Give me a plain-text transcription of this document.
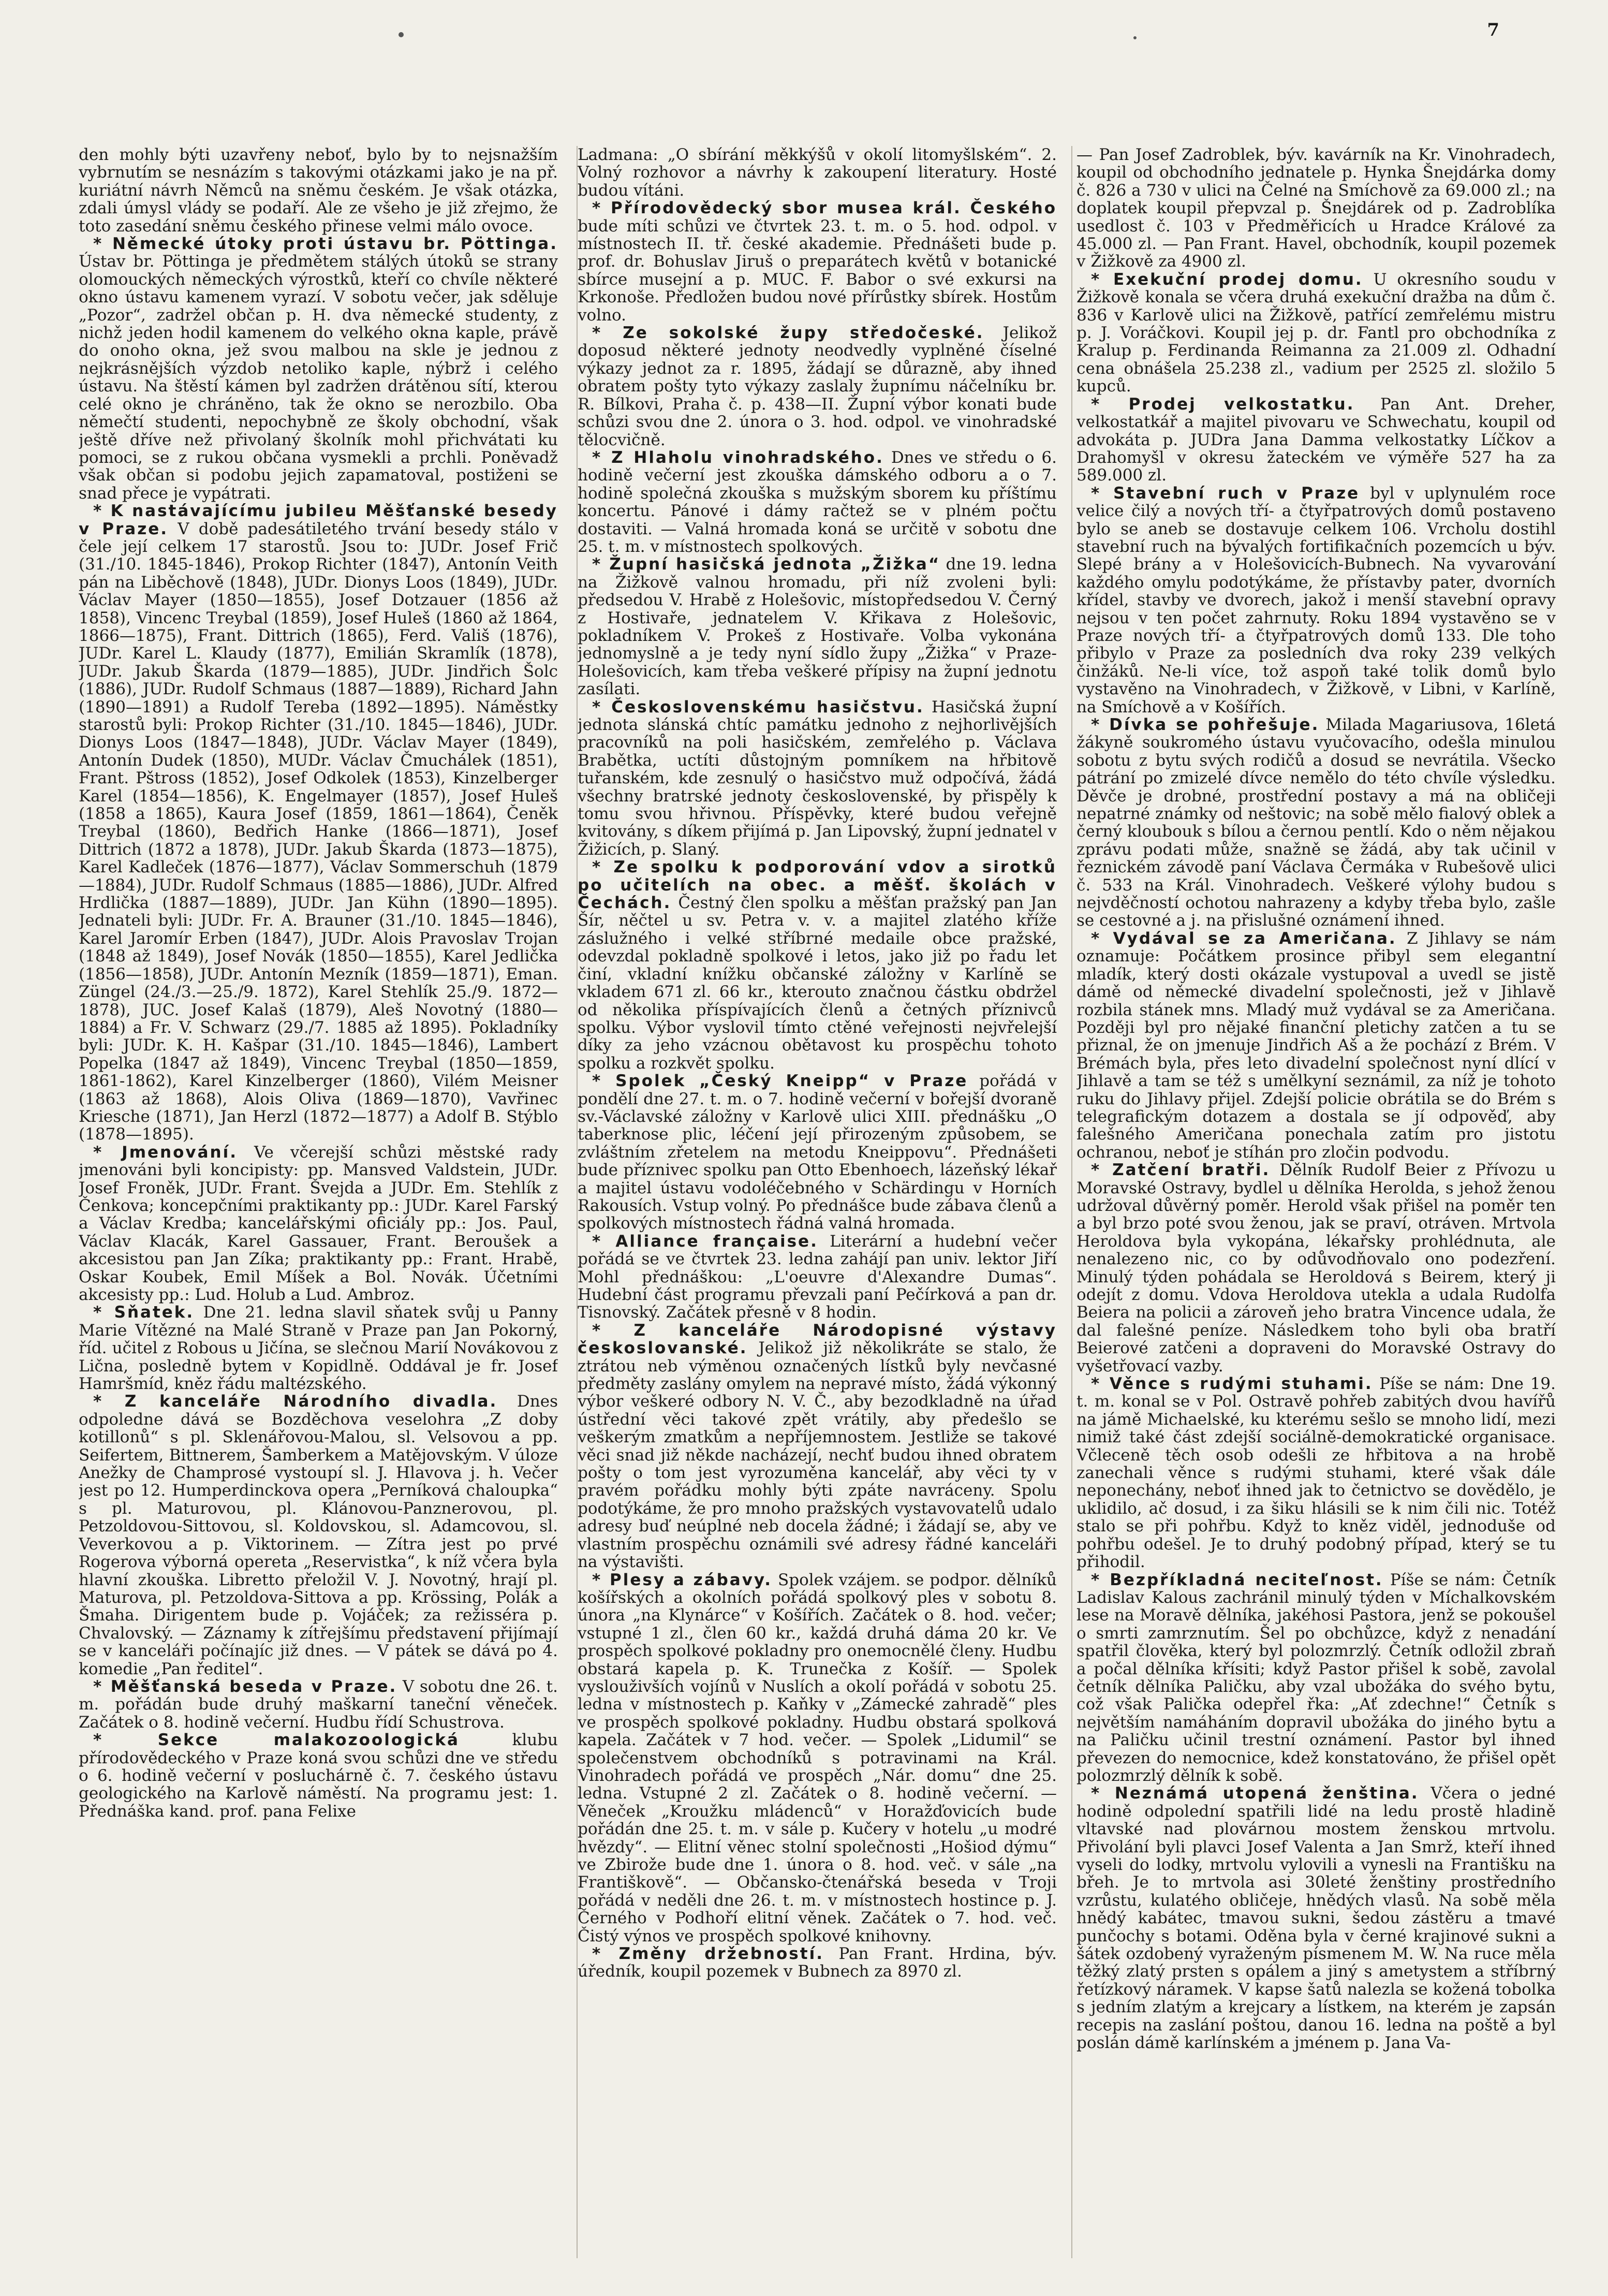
7

den mohly býti uzavřeny neboť, bylo by to nejsnažším vybrnutím se nesnázím s takovými otázkami jako je na př. kuriátní návrh Němců na sněmu českém. Je však otázka, zdali úmysl vlády se podaří. Ale ze všeho je již zřejmo, že toto zasedání sněmu českého přinese velmi málo ovoce.

* Německé útoky proti ústavu br. Pöttinga. Ústav br. Pöttinga je předmětem stálých útoků se strany olomouckých německých výrostků, kteří co chvíle některé okno ústavu kamenem vyrazí. V sobotu večer, jak sděluje „Pozor“, zadržel občan p. H. dva německé studenty, z nichž jeden hodil kamenem do velkého okna kaple, právě do onoho okna, jež svou malbou na skle je jednou z nejkrásnějších výzdob netoliko kaple, nýbrž i celého ústavu. Na štěstí kámen byl zadržen drátěnou sítí, kterou celé okno je chráněno, tak že okno se nerozbilo. Oba němečtí studenti, nepochybně ze školy obchodní, však ještě dříve než přivolaný školník mohl přichvátati ku pomoci, se z rukou občana vysmekli a prchli. Poněvadž však občan si podobu jejich zapamatoval, postiženi se snad přece je vypátrati.

* K nastávajícímu jubileu Měšťanské besedy v Praze. V době padesátiletého trvání besedy stálo v čele její celkem 17 starostů. Jsou to: JUDr. Josef Frič (31./10. 1845-1846), Prokop Richter (1847), Antonín Veith pán na Liběchově (1848), JUDr. Dionys Loos (1849), JUDr. Václav Mayer (1850—1855), Josef Dotzauer (1856 až 1858), Vincenc Treybal (1859), Josef Huleš (1860 až 1864, 1866—1875), Frant. Dittrich (1865), Ferd. Vališ (1876), JUDr. Karel L. Klaudy (1877), Emilián Skramlík (1878), JUDr. Jakub Škarda (1879—1885), JUDr. Jindřich Šolc (1886), JUDr. Rudolf Schmaus (1887—1889), Richard Jahn (1890—1891) a Rudolf Tereba (1892—1895). Náměstky starostů byli: Prokop Richter (31./10. 1845—1846), JUDr. Dionys Loos (1847—1848), JUDr. Václav Mayer (1849), Antonín Dudek (1850), MUDr. Václav Čmuchálek (1851), Frant. Pštross (1852), Josef Odkolek (1853), Kinzelberger Karel (1854—1856), K. Engelmayer (1857), Josef Huleš (1858 a 1865), Kaura Josef (1859, 1861—1864), Čeněk Treybal (1860), Bedřich Hanke (1866—1871), Josef Dittrich (1872 a 1878), JUDr. Jakub Škarda (1873—1875), Karel Kadleček (1876—1877), Václav Sommerschuh (1879—1884), JUDr. Rudolf Schmaus (1885—1886), JUDr. Alfred Hrdlička (1887—1889), JUDr. Jan Kühn (1890—1895). Jednateli byli: JUDr. Fr. A. Brauner (31./10. 1845—1846), Karel Jaromír Erben (1847), JUDr. Alois Pravoslav Trojan (1848 až 1849), Josef Novák (1850—1855), Karel Jedlička (1856—1858), JUDr. Antonín Mezník (1859—1871), Eman. Züngel (24./3.—25./9. 1872), Karel Stehlík 25./9. 1872—1878), JUC. Josef Kalaš (1879), Aleš Novotný (1880—1884) a Fr. V. Schwarz (29./7. 1885 až 1895). Pokladníky byli: JUDr. K. H. Kašpar (31./10. 1845—1846), Lambert Popelka (1847 až 1849), Vincenc Treybal (1850—1859, 1861-1862), Karel Kinzelberger (1860), Vilém Meisner (1863 až 1868), Alois Oliva (1869—1870), Vavřinec Kriesche (1871), Jan Herzl (1872—1877) a Adolf B. Stýblo (1878—1895).

* Jmenování. Ve včerejší schůzi městské rady jmenováni byli koncipisty: pp. Mansved Valdstein, JUDr. Josef Froněk, JUDr. Frant. Švejda a JUDr. Em. Stehlík z Čenkova; koncepčními praktikanty pp.: JUDr. Karel Farský a Václav Kredba; kancelářskými oficiály pp.: Jos. Paul, Václav Klacák, Karel Gassauer, Frant. Beroušek a akcesistou pan Jan Zíka; praktikanty pp.: Frant. Hrabě, Oskar Koubek, Emil Míšek a Bol. Novák. Účetními akcesisty pp.: Lud. Holub a Lud. Ambroz.

* Sňatek. Dne 21. ledna slavil sňatek svůj u Panny Marie Vítězné na Malé Straně v Praze pan Jan Pokorný, říd. učitel z Robous u Jičína, se slečnou Marií Novákovou z Lična, posledně bytem v Kopidlně. Oddával je fr. Josef Hamršmíd, kněz řádu maltézského.

* Z kanceláře Národního divadla. Dnes odpoledne dává se Bozděchova veselohra „Z doby kotillonů“ s pl. Sklenářovou-Malou, sl. Velsovou a pp. Seifertem, Bittnerem, Šamberkem a Matějovským. V úloze Anežky de Champrosé vystoupí sl. J. Hlavova j. h. Večer jest po 12. Humperdinckova opera „Perníková chaloupka“ s pl. Maturovou, pl. Klánovou-Panznerovou, pl. Petzoldovou-Sittovou, sl. Koldovskou, sl. Adamcovou, sl. Veverkovou a p. Viktorinem. — Zítra jest po prvé Rogerova výborná opereta „Reservistka“, k níž včera byla hlavní zkouška. Libretto přeložil V. J. Novotný, hrají pl. Maturova, pl. Petzoldova-Sittova a pp. Krössing, Polák a Šmaha. Dirigentem bude p. Vojáček; za režisséra p. Chvalovský. — Záznamy k zítřejšímu představení přijímají se v kanceláři počínajíc již dnes. — V pátek se dává po 4. komedie „Pan ředitel“.

* Měšťanská beseda v Praze. V sobotu dne 26. t. m. pořádán bude druhý maškarní taneční věneček. Začátek o 8. hodině večerní. Hudbu řídí Schustrova.

* Sekce malakozoologická	klubu přírodovědeckého v Praze koná svou schůzi dne ve středu o 6. hodině večerní v posluchárně č. 7. českého ústavu geologického na Karlově náměstí. Na programu jest: 1. Přednáška kand. prof. pana Felixe

Ladmana: „O sbírání měkkýšů v okolí litomyšlském“. 2. Volný rozhovor a návrhy k zakoupení literatury. Hosté budou vítáni.

* Přírodovědecký sbor musea král. Českého bude míti schůzi ve čtvrtek 23. t. m. o 5. hod. odpol. v místnostech II. tř. české akademie. Přednášeti bude p. prof. dr. Bohuslav Jiruš o preparátech květů v botanické sbírce musejní a p. MUC. F. Babor o své exkursi na Krkonoše. Předložen budou nové přírůstky sbírek. Hostům volno.

* Ze sokolské župy středočeské. Jelikož doposud některé jednoty neodvedly vyplněné číselné výkazy jednot za r. 1895, žádají se důrazně, aby ihned obratem pošty tyto výkazy zaslaly župnímu náčelníku br. R. Bílkovi, Praha č. p. 438—II. Župní výbor konati bude schůzi svou dne 2. února o 3. hod. odpol. ve vinohradské tělocvičně.

* Z Hlaholu vinohradského. Dnes ve středu o 6. hodině večerní jest zkouška dámského odboru a o 7. hodině společná zkouška s mužským sborem ku příštímu koncertu. Pánové i dámy račtež se v plném počtu dostaviti. — Valná hromada koná se určitě v sobotu dne 25. t. m. v místnostech spolkových.

* Župní hasičská jednota „Žižka“ dne 19. ledna na Žižkově valnou hromadu, při níž zvoleni byli: předsedou V. Hrabě z Holešovic, místopředsedou V. Černý z Hostivaře, jednatelem V. Křikava z Holešovic, pokladníkem V. Prokeš z Hostivaře. Volba vykonána jednomyslně a je tedy nyní sídlo župy „Žižka“ v Praze-Holešovicích, kam třeba veškeré přípisy na župní jednotu zasílati.

* Československému hasičstvu. Hasičská župní jednota slánská chtíc památku jednoho z nejhorlivějších pracovníků na poli hasičském, zemřelého p. Václava Brabětka, uctíti důstojným pomníkem na hřbitově tuřanském, kde zesnulý o hasičstvo muž odpočívá, žádá všechny bratrské jednoty československé, by přispěly k tomu svou hřivnou. Příspěvky, které budou veřejně kvitovány, s díkem přijímá p. Jan Lipovský, župní jednatel v Žižicích, p. Slaný.

* Ze spolku k podporování vdov a sirotků po učitelích na obec. a měšť. školách v Čechách. Čestný člen spolku a měšťan pražský pan Jan Šír, něčtel u sv. Petra v. v. a majitel zlatého kříže záslužného i velké stříbrné medaile obce pražské, odevzdal pokladně spolkové i letos, jako již po řadu let činí, vkladní knížku občanské záložny v Karlíně se vkladem 671 zl. 66 kr., kterouto značnou částku obdržel od několika příspívajících členů a četných příznivců spolku. Výbor vyslovil tímto ctěné veřejnosti nejvřelejší díky za jeho vzácnou obětavost ku prospěchu tohoto spolku a rozkvět spolku.

* Spolek „Český Kneipp“ v Praze pořádá v pondělí dne 27. t. m. o 7. hodině večerní v bořejší dvoraně sv.-Václavské záložny v Karlově ulici XIII. přednášku „O taberknose plic, léčení její přirozeným způsobem, se zvláštním zřetelem na metodu Kneippovu“. Přednášeti bude příznivec spolku pan Otto Ebenhoech, lázeňský lékař a majitel ústavu vodoléčebného v Schärdingu v Horních Rakousích. Vstup volný. Po přednášce bude zábava členů a spolkových místnostech řádná valná hromada.

* Alliance française. Literární a hudební večer pořádá se ve čtvrtek 23. ledna zahájí pan univ. lektor Jiří Mohl přednáškou: „L'oeuvre d'Alexandre Dumas“. Hudební část programu převzali paní Pečírková a pan dr. Tisnovský. Začátek přesně v 8 hodin.

* Z kanceláře Národopisné výstavy českoslovanské. Jelikož již několikráte se stalo, že ztrátou neb výměnou označených lístků byly nevčasné předměty zaslány omylem na nepravé místo, žádá výkonný výbor veškeré odbory N. V. Č., aby bezodkladně na úřad ústřední věci takové zpět vrátily, aby předešlo se veškerým zmatkům a nepříjemnostem. Jestliže se takové věci snad již někde nacházejí, nechť budou ihned obratem pošty o tom jest vyrozuměna kancelář, aby věci ty v pravém pořádku mohly býti zpáte navráceny. Spolu podotýkáme, že pro mnoho pražských vystavovatelů udalo adresy buď neúplné neb docela žádné; i žádají se, aby ve vlastním prospěchu oznámili své adresy řádné kanceláři na výstavišti.

* Plesy a zábavy. Spolek vzájem. se podpor. dělníků košířských a okolních pořádá spolkový ples v sobotu 8. února „na Klynárce“ v Košířích. Začátek o 8. hod. večer; vstupné 1 zl., člen 60 kr., každá druhá dáma 20 kr. Ve prospěch spolkové pokladny pro onemocnělé členy. Hudbu obstará kapela p. K. Trunečka z Košíř. — Spolek vyslouživších vojínů v Nuslích a okolí pořádá v sobotu 25. ledna v místnostech p. Kaňky v „Zámecké zahradě“ ples ve prospěch spolkové pokladny. Hudbu obstará spolková kapela. Začátek v 7 hod. večer. — Spolek „Lidumil“ se společenstvem obchodníků s potravinami na Král. Vinohradech pořádá ve prospěch „Nár. domu“ dne 25. ledna. Vstupné 2 zl. Začátek o 8. hodině večerní. — Věneček „Kroužku mládenců“ v Horažďovicích bude pořádán dne 25. t. m. v sále p. Kučery v hotelu „u modré hvězdy“. — Elitní věnec stolní společnosti „Hošiod dýmu“ ve Zbirože bude dne 1. února o 8. hod. več. v sále „na Františkově“. — Občansko-čtenářská beseda v Troji pořádá v neděli dne 26. t. m. v místnostech hostince p. J. Černého v Podhoří elitní věnek. Začátek o 7. hod. več. Čistý výnos ve prospěch spolkové knihovny.

* Změny držebností. Pan Frant. Hrdina, býv. úředník, koupil pozemek v Bubnech za 8970 zl.

— Pan Josef Zadroblek, býv. kavárník na Kr. Vinohradech, koupil od obchodního jednatele p. Hynka Šnejdárka domy č. 826 a 730 v ulici na Čelné na Smíchově za 69.000 zl.; na doplatek koupil přepvzal p. Šnejdárek od p. Zadroblíka usedlost č. 103 v Předměřicích u Hradce Králové za 45.000 zl. — Pan Frant. Havel, obchodník, koupil pozemek v Žižkově za 4900 zl.

* Exekuční prodej domu. U okresního soudu v Žižkově konala se včera druhá exekuční dražba na dům č. 836 v Karlově ulici na Žižkově, patřící zemřelému mistru p. J. Voráčkovi. Koupil jej p. dr. Fantl pro obchodníka z Kralup p. Ferdinanda Reimanna za 21.009 zl. Odhadní cena obnášela 25.238 zl., vadium per 2525 zl. složilo 5 kupců.

* Prodej velkostatku. Pan Ant. Dreher, velkostatkář a majitel pivovaru ve Schwechatu, koupil od advokáta p. JUDra Jana Damma velkostatky Líčkov a Drahomyšl v okresu žateckém ve výměře 527 ha za 589.000 zl.

* Stavební ruch v Praze byl v uplynulém roce velice čilý a nových tří- a čtyřpatrových domů postaveno bylo se aneb se dostavuje celkem 106. Vrcholu dostihl stavební ruch na bývalých fortifikačních pozemcích u býv. Slepé brány a v Holešovicích-Bubnech. Na vyvarování každého omylu podotýkáme, že přístavby pater, dvorních křídel, stavby ve dvorech, jakož i menší stavební opravy nejsou v ten počet zahrnuty. Roku 1894 vystavěno se v Praze nových tří- a čtyřpatrových domů 133. Dle toho přibylo v Praze za posledních dva roky 239 velkých činžáků. Ne-li více, tož aspoň také tolik domů bylo vystavěno na Vinohradech, v Žižkově, v Libni, v Karlíně, na Smíchově a v Košířích.

* Dívka se pohřešuje. Milada Magariusova, 16letá žákyně soukromého ústavu vyučovacího, odešla minulou sobotu z bytu svých rodičů a dosud se nevrátila. Všecko pátrání po zmizelé dívce nemělo do této chvíle výsledku. Děvče je drobné, prostřední postavy a má na obličeji nepatrné známky od neštovic; na sobě mělo fialový oblek a černý kloubouk s bílou a černou pentlí. Kdo o něm nějakou zprávu podati může, snažně se žádá, aby tak učinil v řeznickém závodě paní Václava Čermáka v Rubešově ulici č. 533 na Král. Vinohradech. Veškeré výlohy budou s nejvděčností ochotou nahrazeny a kdyby třeba bylo, zašle se cestovné a j. na přislušné oznámení ihned.

* Vydával se za Američana. Z Jihlavy se nám oznamuje: Počátkem prosince přibyl sem elegantní mladík, který dosti okázale vystupoval a uvedl se jistě dámě od německé divadelní společnosti, jež v Jihlavě rozbila stánek mns. Mladý muž vydával se za Američana. Později byl pro nějaké finanční pletichy zatčen a tu se přiznal, že on jmenuje Jindřich Aš a že pochází z Brém. V Brémách byla, přes leto divadelní společnost nyní dlící v Jihlavě a tam se též s umělkyní seznámil, za níž je tohoto ruku do Jihlavy přijel. Zdejší policie obrátila se do Brém s telegrafickým dotazem a dostala se jí odpověď, aby falešného Američana ponechala zatím pro jistotu ochranou, neboť je stíhán pro zločin podvodu.

* Zatčení bratři. Dělník Rudolf Beier z Přívozu u Moravské Ostravy, bydlel u dělníka Herolda, s jehož ženou udržoval důvěrný poměr. Herold však přišel na poměr ten a byl brzo poté svou ženou, jak se praví, otráven. Mrtvola Heroldova byla vykopána, lékařsky prohlédnuta, ale nenalezeno nic, co by odůvodňovalo ono podezření. Minulý týden pohádala se Heroldová s Beirem, který ji odejít z domu. Vdova Heroldova utekla a udala Rudolfa Beiera na policii a zároveň jeho bratra Vincence udala, že dal falešné peníze. Následkem toho byli oba bratří Beierové zatčeni a dopraveni do Moravské Ostravy do vyšetřovací vazby.

* Věnce s rudými stuhami. Píše se nám: Dne 19. t. m. konal se v Pol. Ostravě pohřeb zabitých dvou havířů na jámě Michaelské, ku kterému sešlo se mnoho lidí, mezi nimiž také část zdejší sociálně-demokratické organisace. Včleceně těch osob odešli ze hřbitova a na hrobě zanechali věnce s rudými stuhami, které však dále neponechány, neboť ihned jak to četnictvo se dovědělo, je uklidilo, ač dosud, i za šiku hlásili se k nim čili nic. Totéž stalo se při pohřbu. Když to kněz viděl, jednoduše od pohřbu odešel. Je to druhý podobný případ, který se tu přihodil.

* Bezpříkladná neciteľnost. Píše se nám: Četník Ladislav Kalous zachránil minulý týden v Míchalkovském lese na Moravě dělníka, jakéhosi Pastora, jenž se pokoušel o smrti zamrznutím. Šel po obchůzce, když z nenadání spatřil člověka, který byl polozmrzlý. Četník odložil zbraň a počal dělníka křísiti; když Pastor přišel k sobě, zavolal četník dělníka Paličku, aby vzal ubožáka do svého bytu, což však Palička odepřel řka: „Ať zdechne!“ Četník s největším namáháním dopravil ubožáka do jiného bytu a na Paličku učinil trestní oznámení. Pastor byl ihned převezen do nemocnice, kdež konstatováno, že přišel opět polozmrzlý dělník k sobě.

* Neznámá utopená ženština. Včera o jedné hodině odpolední spatřili lidé na ledu prostě hladině vltavské nad plovárnou mostem ženskou mrtvolu. Přivolání byli plavci Josef Valenta a Jan Smrž, kteří ihned vyseli do lodky, mrtvolu vylovili a vynesli na Františku na břeh. Je to mrtvola asi 30leté ženštiny prostředního vzrůstu, kulatého obličeje, hnědých vlasů. Na sobě měla hnědý kabátec, tmavou sukni, šedou zástěru a tmavé punčochy s botami. Oděna byla v černé krajinové sukni a šátek ozdobený vyraženým písmenem M. W. Na ruce měla těžký zlatý prsten s opálem a jiný s ametystem a stříbrný řetízkový náramek. V kapse šatů nalezla se kožená tobolka s jedním zlatým a krejcary a lístkem, na kterém je zapsán recepis na zaslání poštou, danou 16. ledna na poště a byl poslán dámě karlínském a jménem p. Jana Va-
